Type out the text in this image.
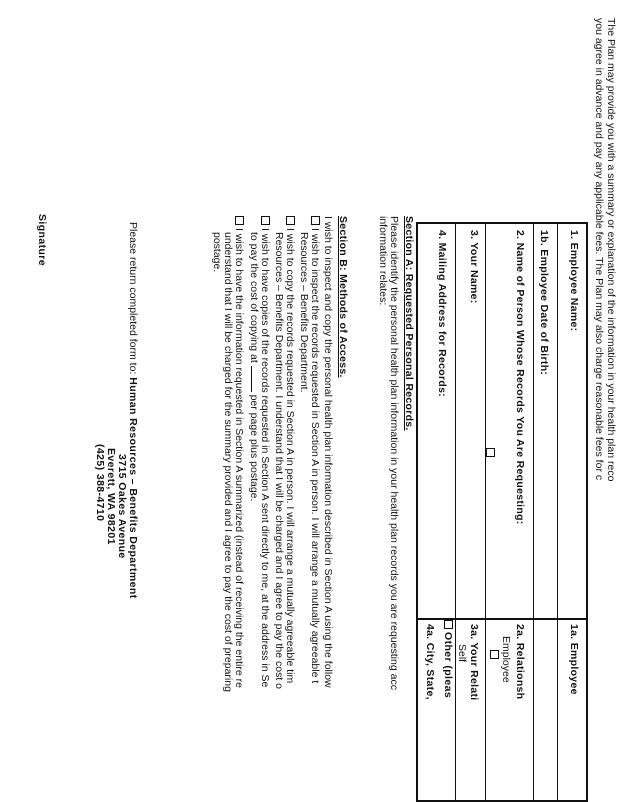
The Plan may provide you with a summary or explanation of the information in your health plan reco
you agree in advance and pay any applicable fees. The Plan may also charge reasonable fees for c
1. Employee Name:
1b. Employee Date of Birth:
2. Name of Person Whose Records You Are Requesting:
3. Your Name:
4. Mailing Address for Records:
1a. Employee
2a. Relationsh
Employee
3a. Your Relati
Self
Other (pleas
4a. City, State,
Section A: Requested Personal Records.
Please identify the personal health plan information in your health plan records you are requesting acc
information relates:
Section B: Methods of Access.
I wish to inspect and copy the personal health plan information described in Section A using the follow
I wish to inspect the records requested in Section A in person. I will arrange a mutually agreeable t
Resources – Benefits Department.
I wish to copy the records requested in Section A in person. I will arrange a mutually agreeable tim
Resources – Benefits Department. I understand that I will be charged and I agree to pay the cost o
I wish to have copies of the records requested in Section A sent directly to me, at the address in Se
to pay the cost of copying at  per page plus postage.
I wish to have the information requested in Section A summarized (instead of receiving the entire re
understand that I will be charged for the summary provided and I agree to pay the cost of preparing
postage.
Please return completed form to: Human Resources – Benefits Department
3715 Oakes Avenue
Everett, WA 98201
(425) 388-4710
Signature
